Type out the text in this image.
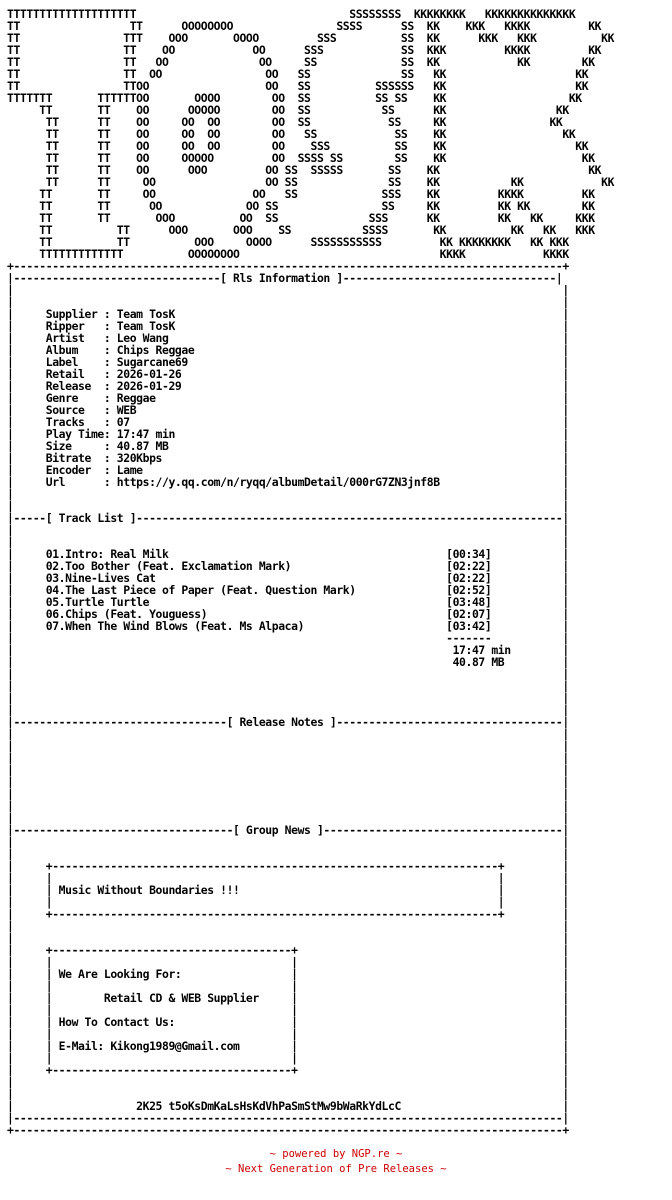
TTTTTTTTTTTTTTTTTTTT                                 SSSSSSSS  KKKKKKKK   KKKKKKKKKKKKKK
TT                 TT      OOOOOOOO                SSSS      SS  KK    KKK   KKKK         KK
TT                TTT    OOO       OOOO         SSS          SS  KK      KKK   KKK          KK
TT                TT    OO            OO      SSS            SS  KKK         KKKK         KK
TT                TT   OO              OO     SS             SS  KK            KK        KK
TT                TT  OO                OO   SS              SS   KK                    KK
TT                TTOO                  OO   SS          SSSSSS   KK                    KK
TTTTTTT       TTTTTTOO       OOOO        OO  SS          SS SS    KK                   KK
TT       TT    OO      OOOOO        OO  SS           SS      KK                 KK
TT      TT    OO     OO  OO        OO  SS            SS     KK                KK
TT      TT    OO     OO  OO        OO   SS            SS    KK                  KK
TT      TT    OO     OO  OO        OO    SSS          SS    KK                    KK
TT      TT    OO     OOOOO         OO  SSSS SS        SS    KK                     KK
TT      TT    OO      OOO         OO SS  SSSSS       SS    KK                       KK
TT      TT     OO                 OO SS              SS    KK           KK            KK
TT       TT     OO               OO   SS             SSS    KK         KKKK         KK
TT       TT      OO             OO SS                SS     KK         KK KK        KK
TT       TT       OOO          OO  SS              SSS      KK         KK   KK     KKK
TT          TT      OOO       OOO    SS           SSSS       KK          KK   KK   KKK
TT          TT          OOO     OOOO      SSSSSSSSSSS         KK KKKKKKKK   KK KKK
TTTTTTTTTTTTT          OOOOOOOO                               KKKK            KKKK
+-------------------------------------------------------------------------------------+
|--------------------------------[ Rls Information ]---------------------------------|
|                                                                                     |
|                                                                                     |
|     Supplier : Team TosK                                                            |
|     Ripper   : Team TosK                                                            |
|     Artist   : Leo Wang                                                             |
|     Album    : Chips Reggae                                                         |
|     Label    : Sugarcane69                                                          |
|     Retail   : 2026-01-26                                                           |
|     Release  : 2026-01-29                                                           |
|     Genre    : Reggae                                                               |
|     Source   : WEB                                                                  |
|     Tracks   : 07                                                                   |
|     Play Time: 17:47 min                                                            |
|     Size     : 40.87 MB                                                             |
|     Bitrate  : 320Kbps                                                              |
|     Encoder  : Lame                                                                 |
|     Url      : https://y.qq.com/n/ryqq/albumDetail/000rG7ZN3jnf8B                   |
|                                                                                     |
|                                                                                     |
|-----[ Track List ]------------------------------------------------------------------|
|                                                                                     |
|                                                                                     |
|     01.Intro: Real Milk                                           [00:34]           |
|     02.Too Bother (Feat. Exclamation Mark)                        [02:22]           |
|     03.Nine-Lives Cat                                             [02:22]           |
|     04.The Last Piece of Paper (Feat. Question Mark)              [02:52]           |
|     05.Turtle Turtle                                              [03:48]           |
|     06.Chips (Feat. Youguess)                                     [02:07]           |
|     07.When The Wind Blows (Feat. Ms Alpaca)                      [03:42]           |
|                                                                   -------           |
|                                                                    17:47 min        |
|                                                                    40.87 MB         |
|                                                                                     |
|                                                                                     |
|                                                                                     |
|                                                                                     |
|---------------------------------[ Release Notes ]-----------------------------------|
|                                                                                     |
|                                                                                     |
|                                                                                     |
|                                                                                     |
|                                                                                     |
|                                                                                     |
|                                                                                     |
|                                                                                     |
|----------------------------------[ Group News ]-------------------------------------|
|                                                                                     |
|                                                                                     |
|     +---------------------------------------------------------------------+         |
|     |                                                                     |         |
|     | Music Without Boundaries !!!                                        |         |
|     |                                                                     |         |
|     +---------------------------------------------------------------------+         |
|                                                                                     |
|                                                                                     |
|     +-------------------------------------+                                         |
|     |                                     |                                         |
|     | We Are Looking For:                 |                                         |
|     |                                     |                                         |
|     |        Retail CD & WEB Supplier     |                                         |
|     |                                     |                                         |
|     | How To Contact Us:                  |                                         |
|     |                                     |                                         |
|     | E-Mail: Kikong1989@Gmail.com        |                                         |
|     |                                     |                                         |
|     +-------------------------------------+                                         |
|                                                                                     |
|                                                                                     |
|                   2K25 t5oKsDmKaLsHsKdVhPaSmStMw9bWaRkYdLcC                         |
|-------------------------------------------------------------------------------------|
+-------------------------------------------------------------------------------------+
~ powered by NGP.re ~
~ Next Generation of Pre Releases ~
